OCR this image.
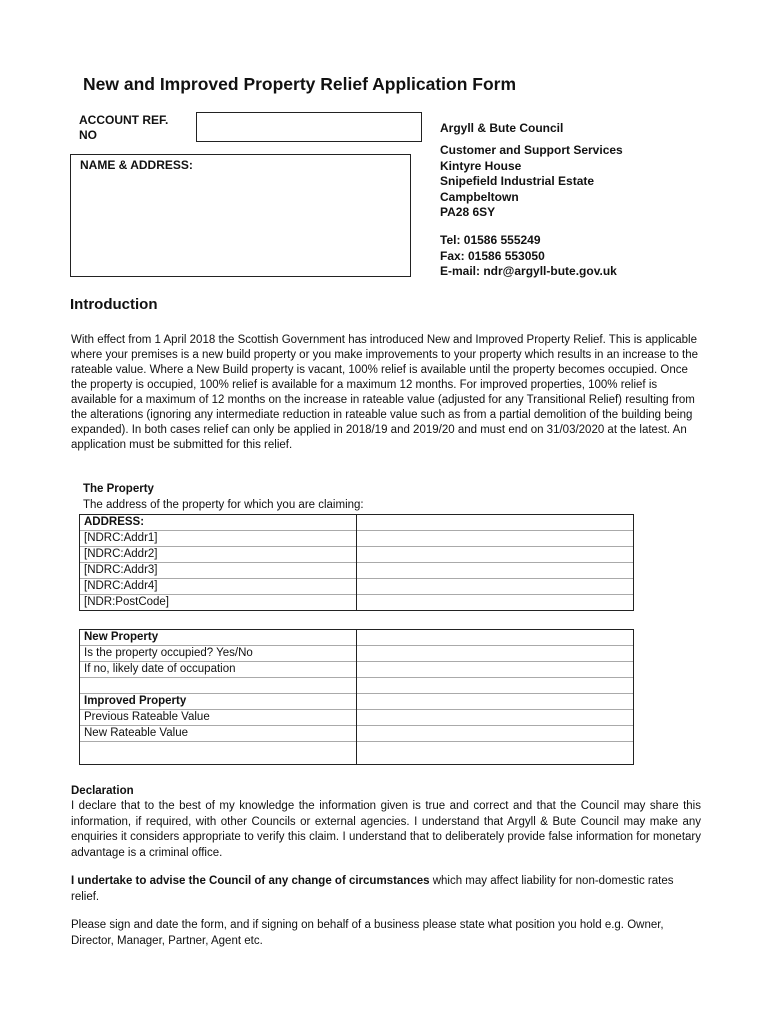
New and Improved Property Relief Application Form
ACCOUNT REF. NO
NAME & ADDRESS:
Argyll & Bute Council
Customer and Support Services
Kintyre House
Snipefield Industrial Estate
Campbeltown
PA28 6SY
Tel: 01586 555249
Fax: 01586 553050
E-mail: ndr@argyll-bute.gov.uk
Introduction
With effect from 1 April 2018 the Scottish Government has introduced New and Improved Property Relief. This is applicable where your premises is a new build property or you make improvements to your property which results in an increase to the rateable value. Where a New Build property is vacant, 100% relief is available until the property becomes occupied. Once the property is occupied, 100% relief is available for a maximum 12 months. For improved properties, 100% relief is available for a maximum of 12 months on the increase in rateable value (adjusted for any Transitional Relief) resulting from the alterations (ignoring any intermediate reduction in rateable value such as from a partial demolition of the building being expanded). In both cases relief can only be applied in 2018/19 and 2019/20 and must end on 31/03/2020 at the latest. An application must be submitted for this relief.
The Property
The address of the property for which you are claiming:
ADDRESS:	
[NDRC:Addr1]	
[NDRC:Addr2]	
[NDRC:Addr3]	
[NDRC:Addr4]	
[NDR:PostCode]	
New Property	
Is the property occupied? Yes/No	
If no, likely date of occupation	

Improved Property	
Previous Rateable Value	
New Rateable Value	

Declaration
I declare that to the best of my knowledge the information given is true and correct and that the Council may share this information, if required, with other Councils or external agencies. I understand that Argyll & Bute Council may make any enquiries it considers appropriate to verify this claim. I understand that to deliberately provide false information for monetary advantage is a criminal office.
I undertake to advise the Council of any change of circumstances which may affect liability for non-domestic rates relief.
Please sign and date the form, and if signing on behalf of a business please state what position you hold e.g. Owner, Director, Manager, Partner, Agent etc.
